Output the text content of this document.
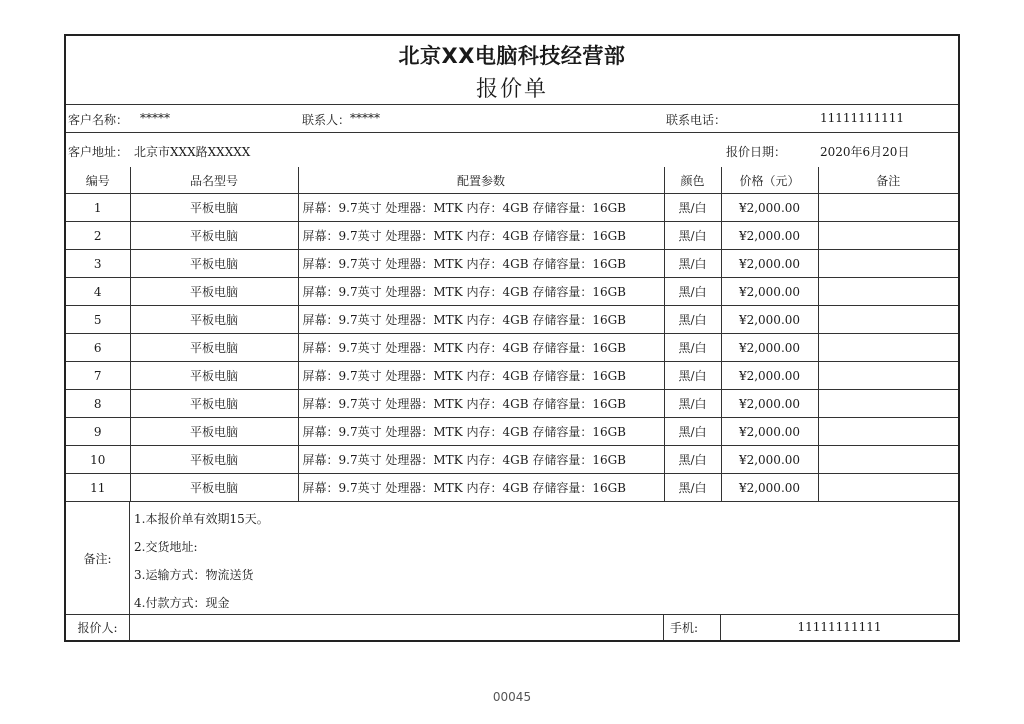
北京XX电脑科技经营部
报价单
客户名称： *****	联系人： *****	联系电话：	11111111111
客户地址： 北京市XXX路XXXXX	报价日期：	2020年6月20日
编号	品名型号	配置参数	颜色	价格（元）	备注
1	平板电脑	屏幕：9.7英寸 处理器：MTK 内存：4GB 存储容量：16GB	黑/白	¥2,000.00	
2	平板电脑	屏幕：9.7英寸 处理器：MTK 内存：4GB 存储容量：16GB	黑/白	¥2,000.00	
3	平板电脑	屏幕：9.7英寸 处理器：MTK 内存：4GB 存储容量：16GB	黑/白	¥2,000.00	
4	平板电脑	屏幕：9.7英寸 处理器：MTK 内存：4GB 存储容量：16GB	黑/白	¥2,000.00	
5	平板电脑	屏幕：9.7英寸 处理器：MTK 内存：4GB 存储容量：16GB	黑/白	¥2,000.00	
6	平板电脑	屏幕：9.7英寸 处理器：MTK 内存：4GB 存储容量：16GB	黑/白	¥2,000.00	
7	平板电脑	屏幕：9.7英寸 处理器：MTK 内存：4GB 存储容量：16GB	黑/白	¥2,000.00	
8	平板电脑	屏幕：9.7英寸 处理器：MTK 内存：4GB 存储容量：16GB	黑/白	¥2,000.00	
9	平板电脑	屏幕：9.7英寸 处理器：MTK 内存：4GB 存储容量：16GB	黑/白	¥2,000.00	
10	平板电脑	屏幕：9.7英寸 处理器：MTK 内存：4GB 存储容量：16GB	黑/白	¥2,000.00	
11	平板电脑	屏幕：9.7英寸 处理器：MTK 内存：4GB 存储容量：16GB	黑/白	¥2,000.00	
备注:
1.本报价单有效期15天。
2.交货地址:
3.运输方式：物流送货
4.付款方式：现金
报价人:	手机:	11111111111
00045
